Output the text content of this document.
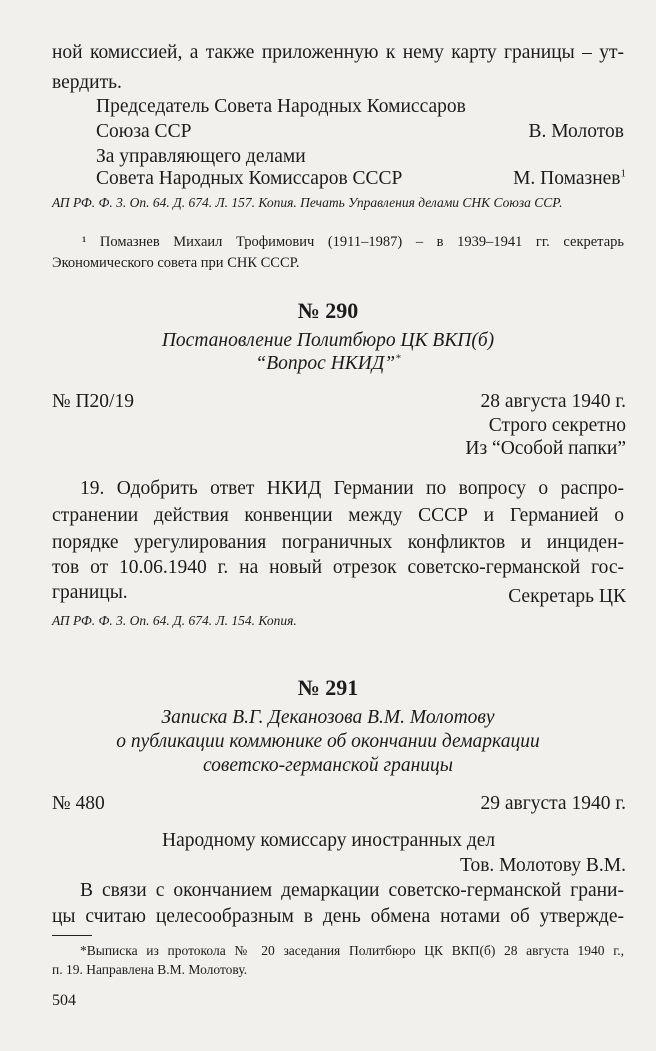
ной комиссией, а также приложенную к нему карту границы – ут-
вердить.
Председатель Совета Народных Комиссаров
Союза ССР	В. Молотов
За управляющего делами
Совета Народных Комиссаров СССР	М. Помазнев$^1$
АП РФ. Ф. 3. Оп. 64. Д. 674. Л. 157. Копия. Печать Управления делами СНК Союза ССР.
¹ Помазнев Михаил Трофимович (1911–1987) – в 1939–1941 гг. секретарь
Экономического совета при СНК СССР.
№ 290
Постановление Политбюро ЦК ВКП(б)
“Вопрос НКИД”*
№ П20/19	28 августа 1940 г.
Строго секретно
Из “Особой папки”
19. Одобрить ответ НКИД Германии по вопросу о распро-
странении действия конвенции между СССР и Германией о
порядке урегулирования пограничных конфликтов и инциден-
тов от 10.06.1940 г. на новый отрезок советско-германской гос-
границы.	Секретарь ЦК
АП РФ. Ф. 3. Оп. 64. Д. 674. Л. 154. Копия.
№ 291
Записка В.Г. Деканозова В.М. Молотову
о публикации коммюнике об окончании демаркации
советско-германской границы
№ 480	29 августа 1940 г.
Народному комиссару иностранных дел
Тов. Молотову В.М.
В связи с окончанием демаркации советско-германской грани-
цы считаю целесообразным в день обмена нотами об утвержде-
*Выписка из протокола № 20 заседания Политбюро ЦК ВКП(б) 28 августа 1940 г.,
п. 19. Направлена В.М. Молотову.
504
